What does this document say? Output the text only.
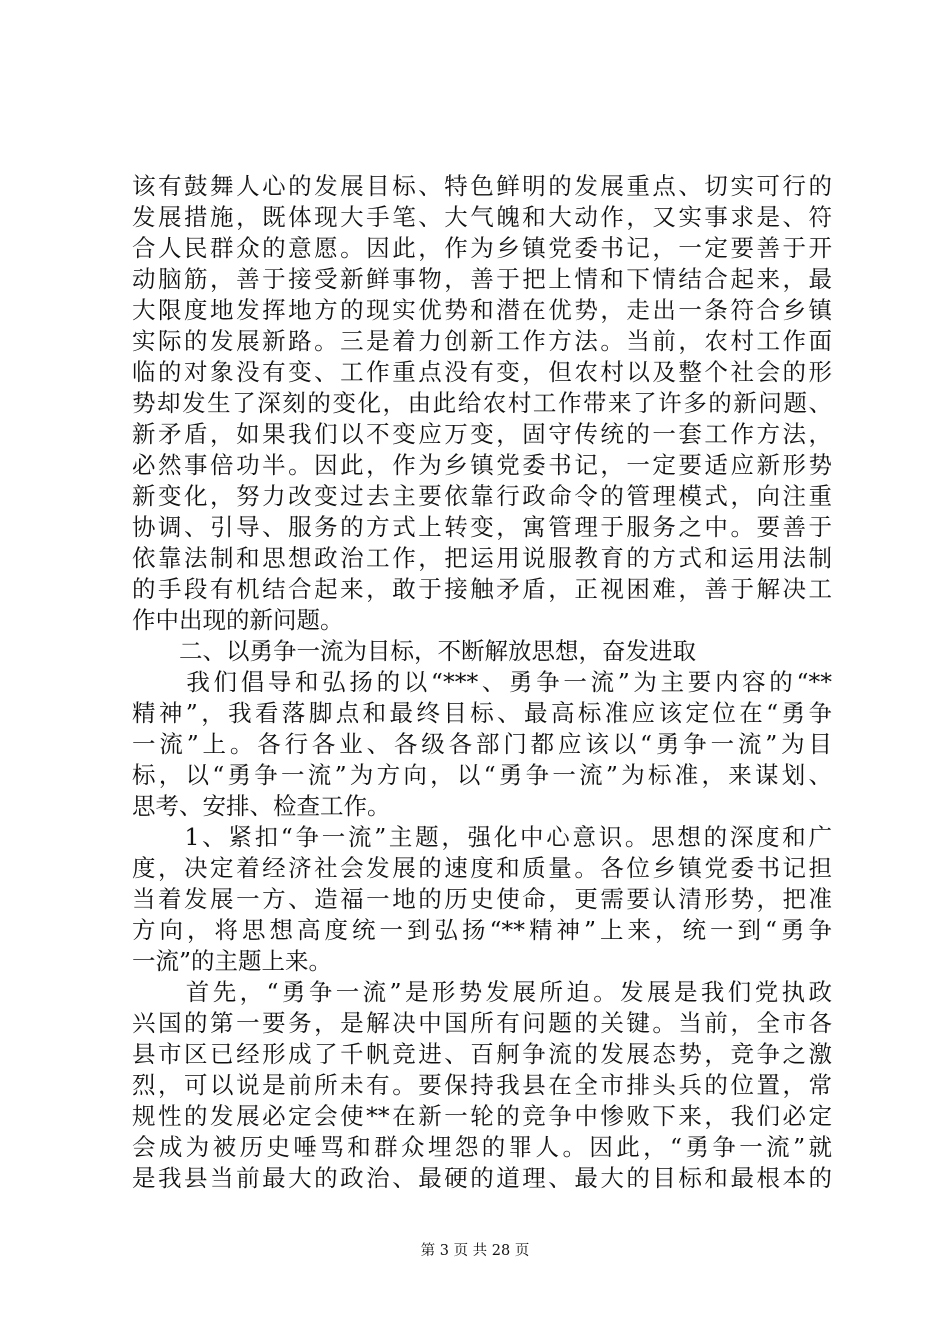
该有鼓舞人心的发展目标、特色鲜明的发展重点、切实可行的
发展措施，既体现大手笔、大气魄和大动作，又实事求是、符
合人民群众的意愿。因此，作为乡镇党委书记，一定要善于开
动脑筋，善于接受新鲜事物，善于把上情和下情结合起来，最
大限度地发挥地方的现实优势和潜在优势，走出一条符合乡镇
实际的发展新路。三是着力创新工作方法。当前，农村工作面
临的对象没有变、工作重点没有变，但农村以及整个社会的形
势却发生了深刻的变化，由此给农村工作带来了许多的新问题、
新矛盾，如果我们以不变应万变，固守传统的一套工作方法，
必然事倍功半。因此，作为乡镇党委书记，一定要适应新形势
新变化，努力改变过去主要依靠行政命令的管理模式，向注重
协调、引导、服务的方式上转变，寓管理于服务之中。要善于
依靠法制和思想政治工作，把运用说服教育的方式和运用法制
的手段有机结合起来，敢于接触矛盾，正视困难，善于解决工
作中出现的新问题。
　　二、以勇争一流为目标，不断解放思想，奋发进取
　　我们倡导和弘扬的以“***、勇争一流”为主要内容的“**
精神”，我看落脚点和最终目标、最高标准应该定位在“勇争
一流”上。各行各业、各级各部门都应该以“勇争一流”为目
标，以“勇争一流”为方向，以“勇争一流”为标准，来谋划、
思考、安排、检查工作。
　　1、紧扣“争一流”主题，强化中心意识。思想的深度和广
度，决定着经济社会发展的速度和质量。各位乡镇党委书记担
当着发展一方、造福一地的历史使命，更需要认清形势，把准
方向，将思想高度统一到弘扬“**精神”上来，统一到“勇争
一流”的主题上来。
　　首先，“勇争一流”是形势发展所迫。发展是我们党执政
兴国的第一要务，是解决中国所有问题的关键。当前，全市各
县市区已经形成了千帆竞进、百舸争流的发展态势，竞争之激
烈，可以说是前所未有。要保持我县在全市排头兵的位置，常
规性的发展必定会使**在新一轮的竞争中惨败下来，我们必定
会成为被历史唾骂和群众埋怨的罪人。因此，“勇争一流”就
是我县当前最大的政治、最硬的道理、最大的目标和最根本的
第 3 页 共 28 页
